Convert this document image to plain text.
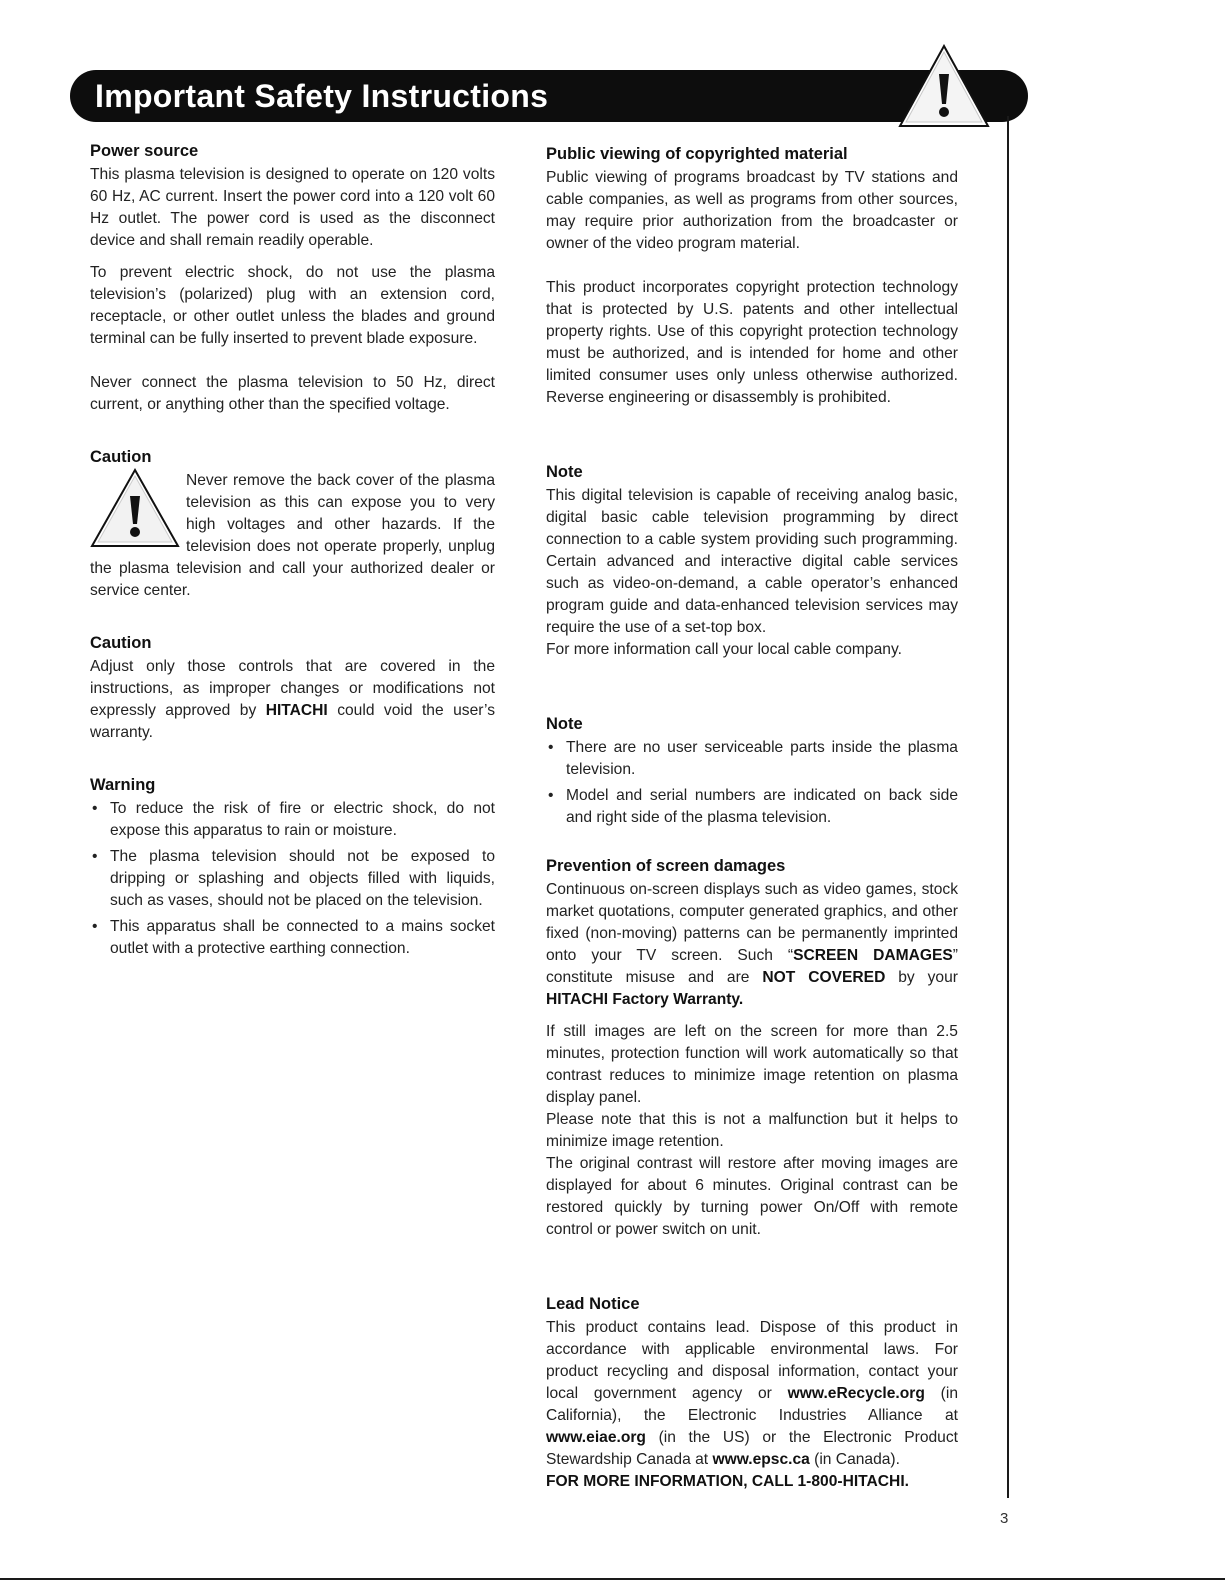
Important Safety Instructions
Power source

This plasma television is designed to operate on 120 volts 60 Hz, AC current. Insert the power cord into a 120 volt 60 Hz outlet. The power cord is used as the disconnect device and shall remain readily operable.

To prevent electric shock, do not use the plasma television’s (polarized) plug with an extension cord, receptacle, or other outlet unless the blades and ground terminal can be fully inserted to prevent blade exposure.

Never connect the plasma television to 50 Hz, direct current, or anything other than the specified voltage.

Caution

Never remove the back cover of the plasma television as this can expose you to very high voltages and other hazards. If the television does not operate properly, unplug the plasma television and call your authorized dealer or service center.

Caution

Adjust only those controls that are covered in the instructions, as improper changes or modifications not expressly approved by HITACHI could void the user’s warranty.

Warning
• To reduce the risk of fire or electric shock, do not expose this apparatus to rain or moisture.
• The plasma television should not be exposed to dripping or splashing and objects filled with liquids, such as vases, should not be placed on the television.
• This apparatus shall be connected to a mains socket outlet with a protective earthing connection.
Public viewing of copyrighted material

Public viewing of programs broadcast by TV stations and cable companies, as well as programs from other sources, may require prior authorization from the broadcaster or owner of the video program material.

This product incorporates copyright protection technology that is protected by U.S. patents and other intellectual property rights. Use of this copyright protection technology must be authorized, and is intended for home and other limited consumer uses only unless otherwise authorized. Reverse engineering or disassembly is prohibited.

Note

This digital television is capable of receiving analog basic, digital basic cable television programming by direct connection to a cable system providing such programming. Certain advanced and interactive digital cable services such as video-on-demand, a cable operator’s enhanced program guide and data-enhanced television services may require the use of a set-top box.

For more information call your local cable company.

Note
• There are no user serviceable parts inside the plasma television.
• Model and serial numbers are indicated on back side and right side of the plasma television.
Prevention of screen damages

Continuous on-screen displays such as video games, stock market quotations, computer generated graphics, and other fixed (non-moving) patterns can be permanently imprinted onto your TV screen. Such “SCREEN DAMAGES” constitute misuse and are NOT COVERED by your HITACHI Factory Warranty.

If still images are left on the screen for more than 2.5 minutes, protection function will work automatically so that contrast reduces to minimize image retention on plasma display panel.

Please note that this is not a malfunction but it helps to minimize image retention.

The original contrast will restore after moving images are displayed for about 6 minutes. Original contrast can be restored quickly by turning power On/Off with remote control or power switch on unit.

Lead Notice

This product contains lead. Dispose of this product in accordance with applicable environmental laws. For product recycling and disposal information, contact your local government agency or www.eRecycle.org (in California), the Electronic Industries Alliance at www.eiae.org (in the US) or the Electronic Product Stewardship Canada at www.epsc.ca (in Canada).

FOR MORE INFORMATION, CALL 1-800-HITACHI.

3
